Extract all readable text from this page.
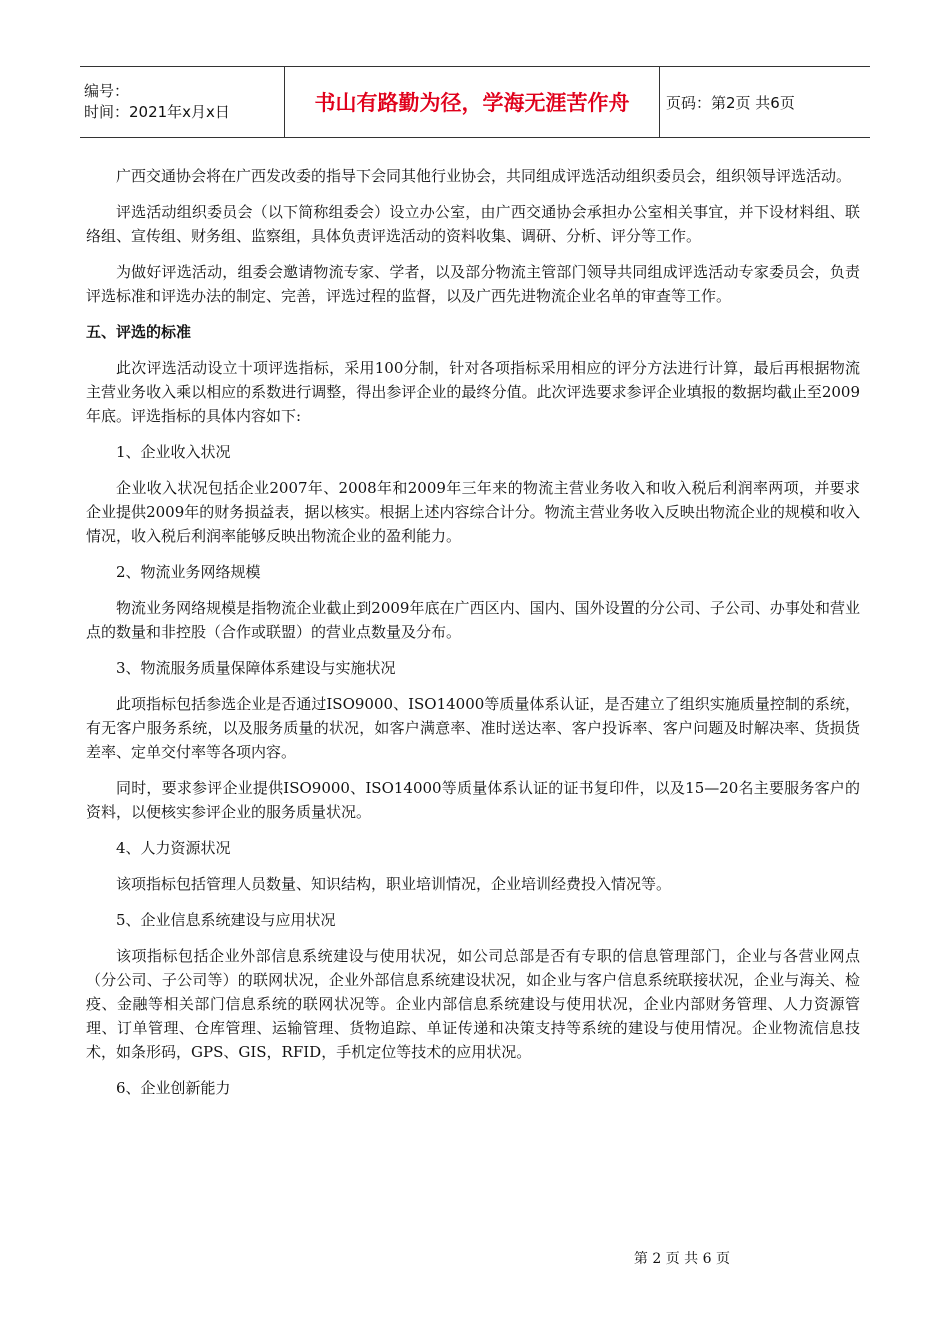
编号：
时间：2021年x月x日	书山有路勤为径，学海无涯苦作舟 页码：第2页 共6页

广西交通协会将在广西发改委的指导下会同其他行业协会，共同组成评选活动组织委员会，组织领导评选活动。

评选活动组织委员会（以下简称组委会）设立办公室，由广西交通协会承担办公室相关事宜，并下设材料组、联络组、宣传组、财务组、监察组，具体负责评选活动的资料收集、调研、分析、评分等工作。

为做好评选活动，组委会邀请物流专家、学者，以及部分物流主管部门领导共同组成评选活动专家委员会，负责评选标准和评选办法的制定、完善，评选过程的监督，以及广西先进物流企业名单的审查等工作。

五、评选的标准

此次评选活动设立十项评选指标，采用100分制，针对各项指标采用相应的评分方法进行计算，最后再根据物流主营业务收入乘以相应的系数进行调整，得出参评企业的最终分值。此次评选要求参评企业填报的数据均截止至2009年底。评选指标的具体内容如下:

1、企业收入状况

企业收入状况包括企业2007年、2008年和2009年三年来的物流主营业务收入和收入税后利润率两项，并要求企业提供2009年的财务损益表，据以核实。根据上述内容综合计分。物流主营业务收入反映出物流企业的规模和收入情况，收入税后利润率能够反映出物流企业的盈利能力。

2、物流业务网络规模

物流业务网络规模是指物流企业截止到2009年底在广西区内、国内、国外设置的分公司、子公司、办事处和营业点的数量和非控股（合作或联盟）的营业点数量及分布。

3、物流服务质量保障体系建设与实施状况

此项指标包括参选企业是否通过ISO9000、ISO14000等质量体系认证，是否建立了组织实施质量控制的系统，有无客户服务系统，以及服务质量的状况，如客户满意率、准时送达率、客户投诉率、客户问题及时解决率、货损货差率、定单交付率等各项内容。

同时，要求参评企业提供ISO9000、ISO14000等质量体系认证的证书复印件，以及15—20名主要服务客户的资料，以便核实参评企业的服务质量状况。

4、人力资源状况

该项指标包括管理人员数量、知识结构，职业培训情况，企业培训经费投入情况等。

5、企业信息系统建设与应用状况

该项指标包括企业外部信息系统建设与使用状况，如公司总部是否有专职的信息管理部门，企业与各营业网点（分公司、子公司等）的联网状况，企业外部信息系统建设状况，如企业与客户信息系统联接状况，企业与海关、检疫、金融等相关部门信息系统的联网状况等。企业内部信息系统建设与使用状况，企业内部财务管理、人力资源管理、订单管理、仓库管理、运输管理、货物追踪、单证传递和决策支持等系统的建设与使用情况。企业物流信息技术，如条形码，GPS、GIS，RFID，手机定位等技术的应用状况。

6、企业创新能力

第 2 页 共 6 页
